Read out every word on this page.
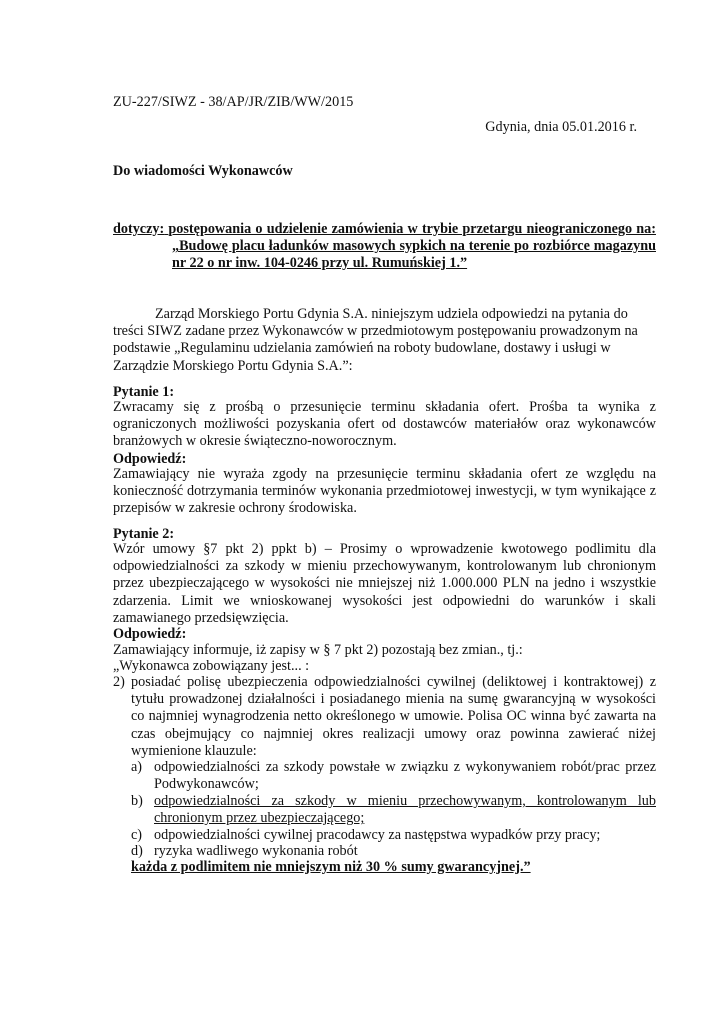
ZU-227/SIWZ - 38/AP/JR/ZIB/WW/2015
Gdynia, dnia 05.01.2016 r.
Do wiadomości Wykonawców
dotyczy: postępowania o udzielenie zamówienia w trybie przetargu nieograniczonego na: „Budowę placu ładunków masowych sypkich na terenie po rozbiórce magazynu nr 22 o nr inw. 104-0246 przy ul. Rumuńskiej 1.”

Zarząd Morskiego Portu Gdynia S.A. niniejszym udziela odpowiedzi na pytania do treści SIWZ zadane przez Wykonawców w przedmiotowym postępowaniu prowadzonym na podstawie „Regulaminu udzielania zamówień na roboty budowlane, dostawy i usługi w Zarządzie Morskiego Portu Gdynia S.A.”:

Pytanie 1:

Zwracamy się z prośbą o przesunięcie terminu składania ofert. Prośba ta wynika z ograniczonych możliwości pozyskania ofert od dostawców materiałów oraz wykonawców branżowych w okresie świąteczno-noworocznym.

Odpowiedź:

Zamawiający nie wyraża zgody na przesunięcie terminu składania ofert ze względu na konieczność dotrzymania terminów wykonania przedmiotowej inwestycji, w tym wynikające z przepisów w zakresie ochrony środowiska.

Pytanie 2:

Wzór umowy §7 pkt 2) ppkt b) – Prosimy o wprowadzenie kwotowego podlimitu dla odpowiedzialności za szkody w mieniu przechowywanym, kontrolowanym lub chronionym przez ubezpieczającego w wysokości nie mniejszej niż 1.000.000 PLN na jedno i wszystkie zdarzenia. Limit we wnioskowanej wysokości jest odpowiedni do warunków i skali zamawianego przedsięwzięcia.

Odpowiedź:
Zamawiający informuje, iż zapisy w § 7 pkt 2) pozostają bez zmian., tj.:
„Wykonawca zobowiązany jest... :
2) posiadać polisę ubezpieczenia odpowiedzialności cywilnej (deliktowej i kontraktowej) z tytułu prowadzonej działalności i posiadanego mienia na sumę gwarancyjną w wysokości co najmniej wynagrodzenia netto określonego w umowie. Polisa OC winna być zawarta na czas obejmujący co najmniej okres realizacji umowy oraz powinna zawierać niżej wymienione klauzule:

a) odpowiedzialności za szkody powstałe w związku z wykonywaniem robót/prac przez Podwykonawców;

b) odpowiedzialności za szkody w mieniu przechowywanym, kontrolowanym lub chronionym przez ubezpieczającego;

c) odpowiedzialności cywilnej pracodawcy za następstwa wypadków przy pracy;

d) ryzyka wadliwego wykonania robót

każda z podlimitem nie mniejszym niż 30 % sumy gwarancyjnej.”
